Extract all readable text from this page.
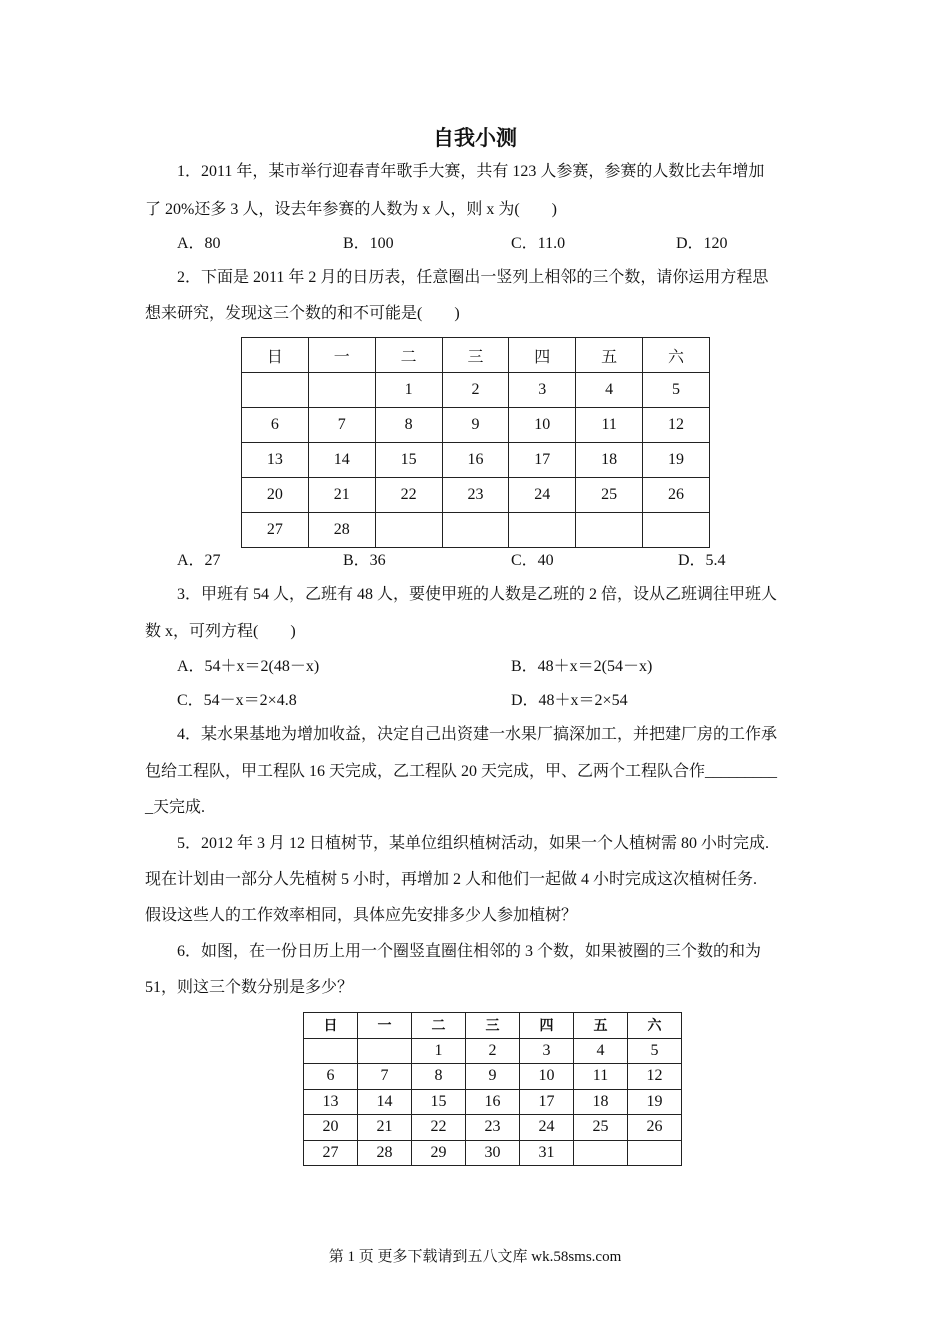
自我小测
1．2011 年，某市举行迎春青年歌手大赛，共有 123 人参赛，参赛的人数比去年增加
了 20%还多 3 人，设去年参赛的人数为 x 人，则 x 为(　　)
A．80	B．100	C．11.0	D．120
2．下面是 2011 年 2 月的日历表，任意圈出一竖列上相邻的三个数，请你运用方程思
想来研究，发现这三个数的和不可能是(　　)
A．27	B．36	C．40	D．5.4
3．甲班有 54 人，乙班有 48 人，要使甲班的人数是乙班的 2 倍，设从乙班调往甲班人
数 x，可列方程(　　)
A．54＋x＝2(48－x)	B．48＋x＝2(54－x)
C．54－x＝2×4.8	D．48＋x＝2×54
4．某水果基地为增加收益，决定自己出资建一水果厂搞深加工，并把建厂房的工作承
包给工程队，甲工程队 16 天完成，乙工程队 20 天完成，甲、乙两个工程队合作_________
_天完成.
5．2012 年 3 月 12 日植树节，某单位组织植树活动，如果一个人植树需 80 小时完成.
现在计划由一部分人先植树 5 小时，再增加 2 人和他们一起做 4 小时完成这次植树任务.
假设这些人的工作效率相同，具体应先安排多少人参加植树？
6．如图，在一份日历上用一个圈竖直圈住相邻的 3 个数，如果被圈的三个数的和为
51，则这三个数分别是多少？
日	一	二	三	四	五	六
		1	2	3	4	5
6	7	8	9	10	11	12
13	14	15	16	17	18	19
20	21	22	23	24	25	26
27	28					
日	一	二	三	四	五	六
		1	2	3	4	5
6	7	8	9	10	11	12
13	14	15	16	17	18	19
20	21	22	23	24	25	26
27	28	29	30	31		
第 1 页 更多下载请到五八文库 wk.58sms.com
